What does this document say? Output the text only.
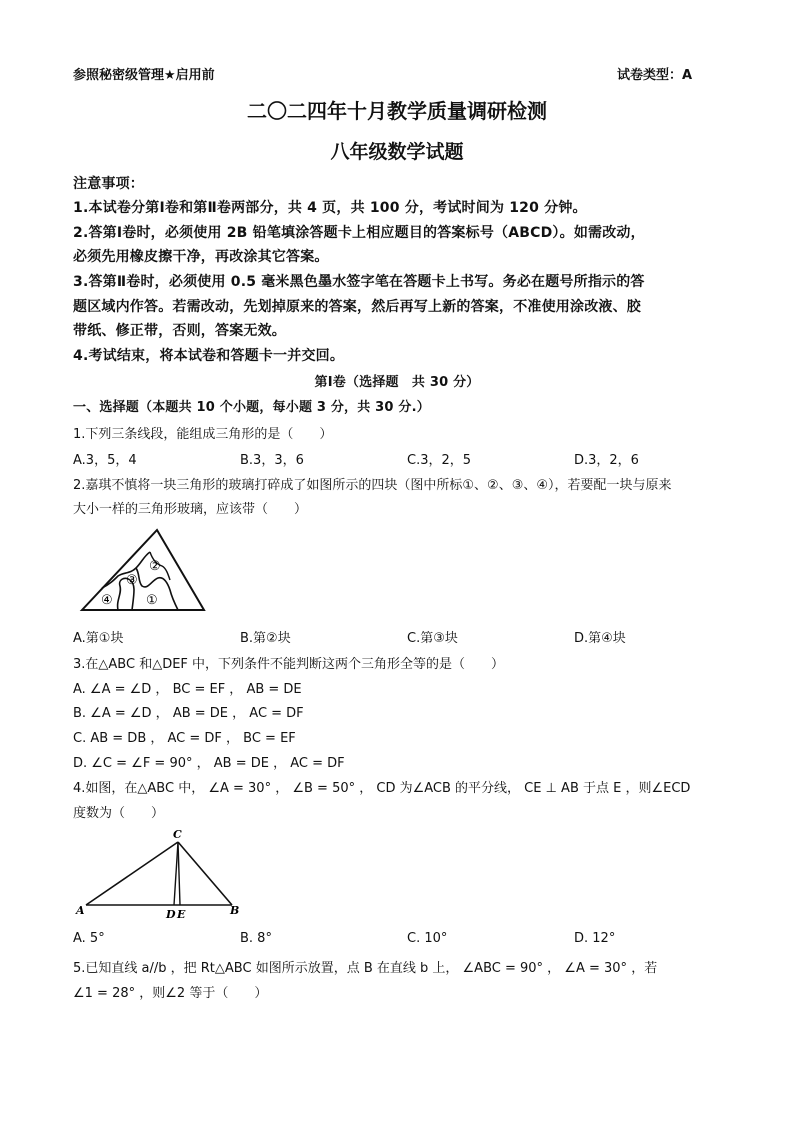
参照秘密级管理★启用前	试卷类型：A
二〇二四年十月教学质量调研检测
八年级数学试题
注意事项：
1.本试卷分第Ⅰ卷和第Ⅱ卷两部分，共 4 页，共 100 分，考试时间为 120 分钟。
2.答第Ⅰ卷时，必须使用 2B 铅笔填涂答题卡上相应题目的答案标号（ABCD）。如需改动，
必须先用橡皮擦干净，再改涂其它答案。
3.答第Ⅱ卷时，必须使用 0.5 毫米黑色墨水签字笔在答题卡上书写。务必在题号所指示的答
题区域内作答。若需改动，先划掉原来的答案，然后再写上新的答案，不准使用涂改液、胶
带纸、修正带，否则，答案无效。
4.考试结束，将本试卷和答题卡一并交回。
第Ⅰ卷（选择题　共 30 分）
一、选择题（本题共 10 个小题，每小题 3 分，共 30 分.）
1.下列三条线段，能组成三角形的是（　　）
A.3，5，4	B.3，3，6	C.3，2，5	D.3，2，6
2.嘉琪不慎将一块三角形的玻璃打碎成了如图所示的四块（图中所标①、②、③、④），若要配一块与原来
大小一样的三角形玻璃，应该带（　　）
①
②
③
④
A.第①块	B.第②块	C.第③块	D.第④块
3.在△ABC 和△DEF 中，下列条件不能判断这两个三角形全等的是（　　）
A. ∠A = ∠D ， BC = EF ， AB = DE
B. ∠A = ∠D ， AB = DE ， AC = DF
C. AB = DB ， AC = DF ， BC = EF
D. ∠C = ∠F = 90° ， AB = DE ， AC = DF
4.如图，在△ABC 中， ∠A = 30° ， ∠B = 50° ， CD 为∠ACB 的平分线， CE ⊥ AB 于点 E ，则∠ECD
度数为（　　）
C
A	D E	B
A. 5°	B. 8°	C. 10°	D. 12°
5.已知直线 a//b ，把 Rt△ABC 如图所示放置，点 B 在直线 b 上， ∠ABC = 90° ， ∠A = 30° ，若
∠1 = 28° ，则∠2 等于（　　）
